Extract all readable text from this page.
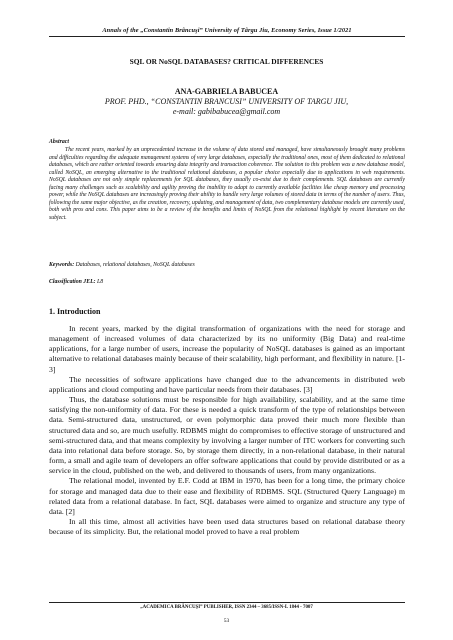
Annals of the „Constantin Brâncuşi” University of Târgu Jiu, Economy Series, Issue 1/2021
SQL OR NoSQL DATABASES? CRITICAL DIFFERENCES
ANA-GABRIELA BABUCEA
PROF. PHD., “CONSTANTIN BRANCUSI” UNIVERSITY OF TARGU JIU,
e-mail: gabibabucea@gmail.com
Abstract

The recent years, marked by an unprecedented increase in the volume of data stored and managed, have simultaneously brought many problems and difficulties regarding the adequate management systems of very large databases, especially the traditional ones, most of them dedicated to relational databases, which are rather oriented towards ensuring data integrity and transaction coherence. The solution to this problem was a new database model, called NoSQL, an emerging alternative to the traditional relational databases, a popular choice especially due to applications in web requirements. NoSQL databases are not only simple replacements for SQL databases, they usually co-exist due to their complements. SQL databases are currently facing many challenges such as scalability and agility proving the inability to adapt to currently available facilities like cheap memory and processing power, while the NoSQL databases are increasingly proving their ability to handle very large volumes of stored data in terms of the number of users. Thus, following the same major objective, as the creation, recovery, updating, and management of data, two complementary database models are currently used, both with pros and cons. This paper aims to be a review of the benefits and limits of NoSQL from the relational highlight by recent literature on the subject.

Keywords: Databases, relational databases, NoSQL databases

Classification JEL: L8

1. Introduction

In recent years, marked by the digital transformation of organizations with the need for storage and management of increased volumes of data characterized by its no uniformity (Big Data) and real-time applications, for a large number of users, increase the popularity of NoSQL databases is gained as an important alternative to relational databases mainly because of their scalability, high performant, and flexibility in nature. [1-3]

The necessities of software applications have changed due to the advancements in distributed web applications and cloud computing and have particular needs from their databases. [3]

Thus, the database solutions must be responsible for high availability, scalability, and at the same time satisfying the non-uniformity of data. For these is needed a quick transform of the type of relationships between data. Semi-structured data, unstructured, or even polymorphic data proved their much more flexible than structured data and so, are much usefully. RDBMS might do compromises to effective storage of unstructured and semi-structured data, and that means complexity by involving a larger number of ITC workers for converting such data into relational data before storage. So, by storage them directly, in a non-relational database, in their natural form, a small and agile team of developers an offer software applications that could by provide distributed or as a service in the cloud, published on the web, and delivered to thousands of users, from many organizations.

The relational model, invented by E.F. Codd at IBM in 1970, has been for a long time, the primary choice for storage and managed data due to their ease and flexibility of RDBMS. SQL (Structured Query Language) m related data from a relational database. In fact, SQL databases were aimed to organize and structure any type of data. [2]

In all this time, almost all activities have been used data structures based on relational database theory because of its simplicity. But, the relational model proved to have a real problem

„ACADEMICA BRÂNCUŞI” PUBLISHER, ISSN 2344 – 3685/ISSN-L 1844 - 7007
53
